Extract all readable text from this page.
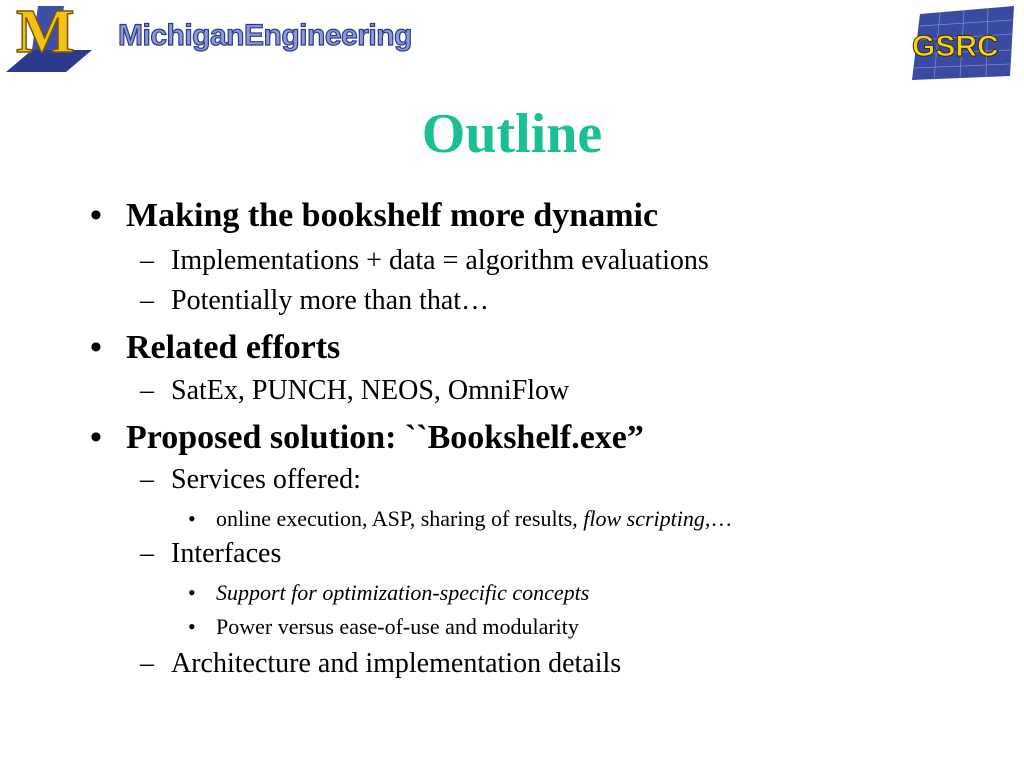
M MichiganEngineering	GSRC
Outline
• Making the bookshelf more dynamic
– Implementations + data = algorithm evaluations
– Potentially more than that…
• Related efforts
– SatEx, PUNCH, NEOS, OmniFlow
• Proposed solution: ``Bookshelf.exe”
– Services offered:
• online execution, ASP, sharing of results, flow scripting,…
– Interfaces
• Support for optimization-specific concepts
• Power versus ease-of-use and modularity
– Architecture and implementation details
